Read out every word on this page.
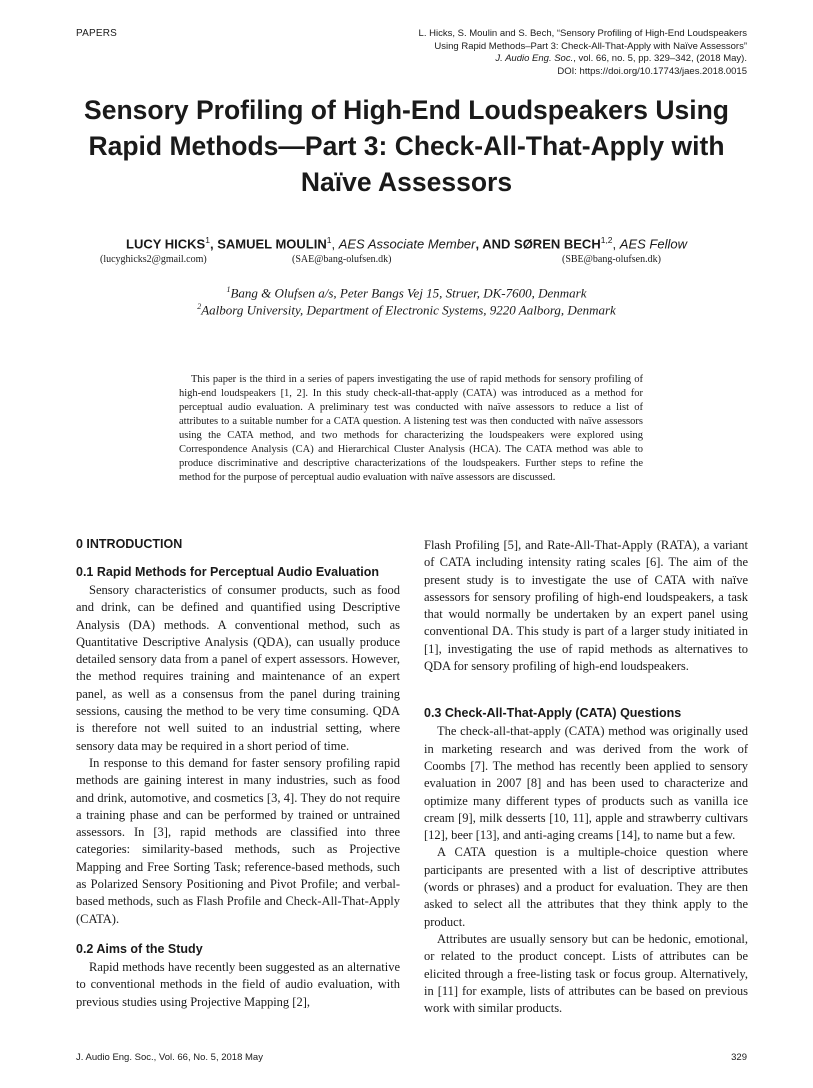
PAPERS	L. Hicks, S. Moulin and S. Bech, “Sensory Profiling of High-End Loudspeakers
Using Rapid Methods–Part 3: Check-All-That-Apply with Naïve Assessors”
J. Audio Eng. Soc., vol. 66, no. 5, pp. 329–342, (2018 May).
DOI: https://doi.org/10.17743/jaes.2018.0015
Sensory Profiling of High-End Loudspeakers Using
Rapid Methods—Part 3: Check-All-That-Apply with
Naïve Assessors
LUCY HICKS$^1$, SAMUEL MOULIN$^1$, AES Associate Member, AND SØREN BECH$^{1,2}$, AES Fellow
(lucyghicks2@gmail.com)	(SAE@bang-olufsen.dk)	(SBE@bang-olufsen.dk)
$^1$Bang & Olufsen a/s, Peter Bangs Vej 15, Struer, DK-7600, Denmark
$^2$Aalborg University, Department of Electronic Systems, 9220 Aalborg, Denmark

This paper is the third in a series of papers investigating the use of rapid methods for sensory profiling of high-end loudspeakers [1, 2]. In this study check-all-that-apply (CATA) was introduced as a method for perceptual audio evaluation. A preliminary test was conducted with naïve assessors to reduce a list of attributes to a suitable number for a CATA question. A listening test was then conducted with naïve assessors using the CATA method, and two methods for characterizing the loudspeakers were explored using Correspondence Analysis (CA) and Hierarchical Cluster Analysis (HCA). The CATA method was able to produce discriminative and descriptive characterizations of the loudspeakers. Further steps to refine the method for the purpose of perceptual audio evaluation with naïve assessors are discussed.

0 INTRODUCTION
0.1 Rapid Methods for Perceptual Audio Evaluation

Sensory characteristics of consumer products, such as food and drink, can be defined and quantified using Descriptive Analysis (DA) methods. A conventional method, such as Quantitative Descriptive Analysis (QDA), can usually produce detailed sensory data from a panel of expert assessors. However, the method requires training and maintenance of an expert panel, as well as a consensus from the panel during training sessions, causing the method to be very time consuming. QDA is therefore not well suited to an industrial setting, where sensory data may be required in a short period of time.

In response to this demand for faster sensory profiling rapid methods are gaining interest in many industries, such as food and drink, automotive, and cosmetics [3, 4]. They do not require a training phase and can be performed by trained or untrained assessors. In [3], rapid methods are classified into three categories: similarity-based methods, such as Projective Mapping and Free Sorting Task; reference-based methods, such as Polarized Sensory Positioning and Pivot Profile; and verbal-based methods, such as Flash Profile and Check-All-That-Apply (CATA).

0.2 Aims of the Study

Rapid methods have recently been suggested as an alternative to conventional methods in the field of audio evaluation, with previous studies using Projective Mapping [2],

Flash Profiling [5], and Rate-All-That-Apply (RATA), a variant of CATA including intensity rating scales [6]. The aim of the present study is to investigate the use of CATA with naïve assessors for sensory profiling of high-end loudspeakers, a task that would normally be undertaken by an expert panel using conventional DA. This study is part of a larger study initiated in [1], investigating the use of rapid methods as alternatives to QDA for sensory profiling of high-end loudspeakers.

0.3 Check-All-That-Apply (CATA) Questions

The check-all-that-apply (CATA) method was originally used in marketing research and was derived from the work of Coombs [7]. The method has recently been applied to sensory evaluation in 2007 [8] and has been used to characterize and optimize many different types of products such as vanilla ice cream [9], milk desserts [10, 11], apple and strawberry cultivars [12], beer [13], and anti-aging creams [14], to name but a few.

A CATA question is a multiple-choice question where participants are presented with a list of descriptive attributes (words or phrases) and a product for evaluation. They are then asked to select all the attributes that they think apply to the product.

Attributes are usually sensory but can be hedonic, emotional, or related to the product concept. Lists of attributes can be elicited through a free-listing task or focus group. Alternatively, in [11] for example, lists of attributes can be based on previous work with similar products.

J. Audio Eng. Soc., Vol. 66, No. 5, 2018 May	329
